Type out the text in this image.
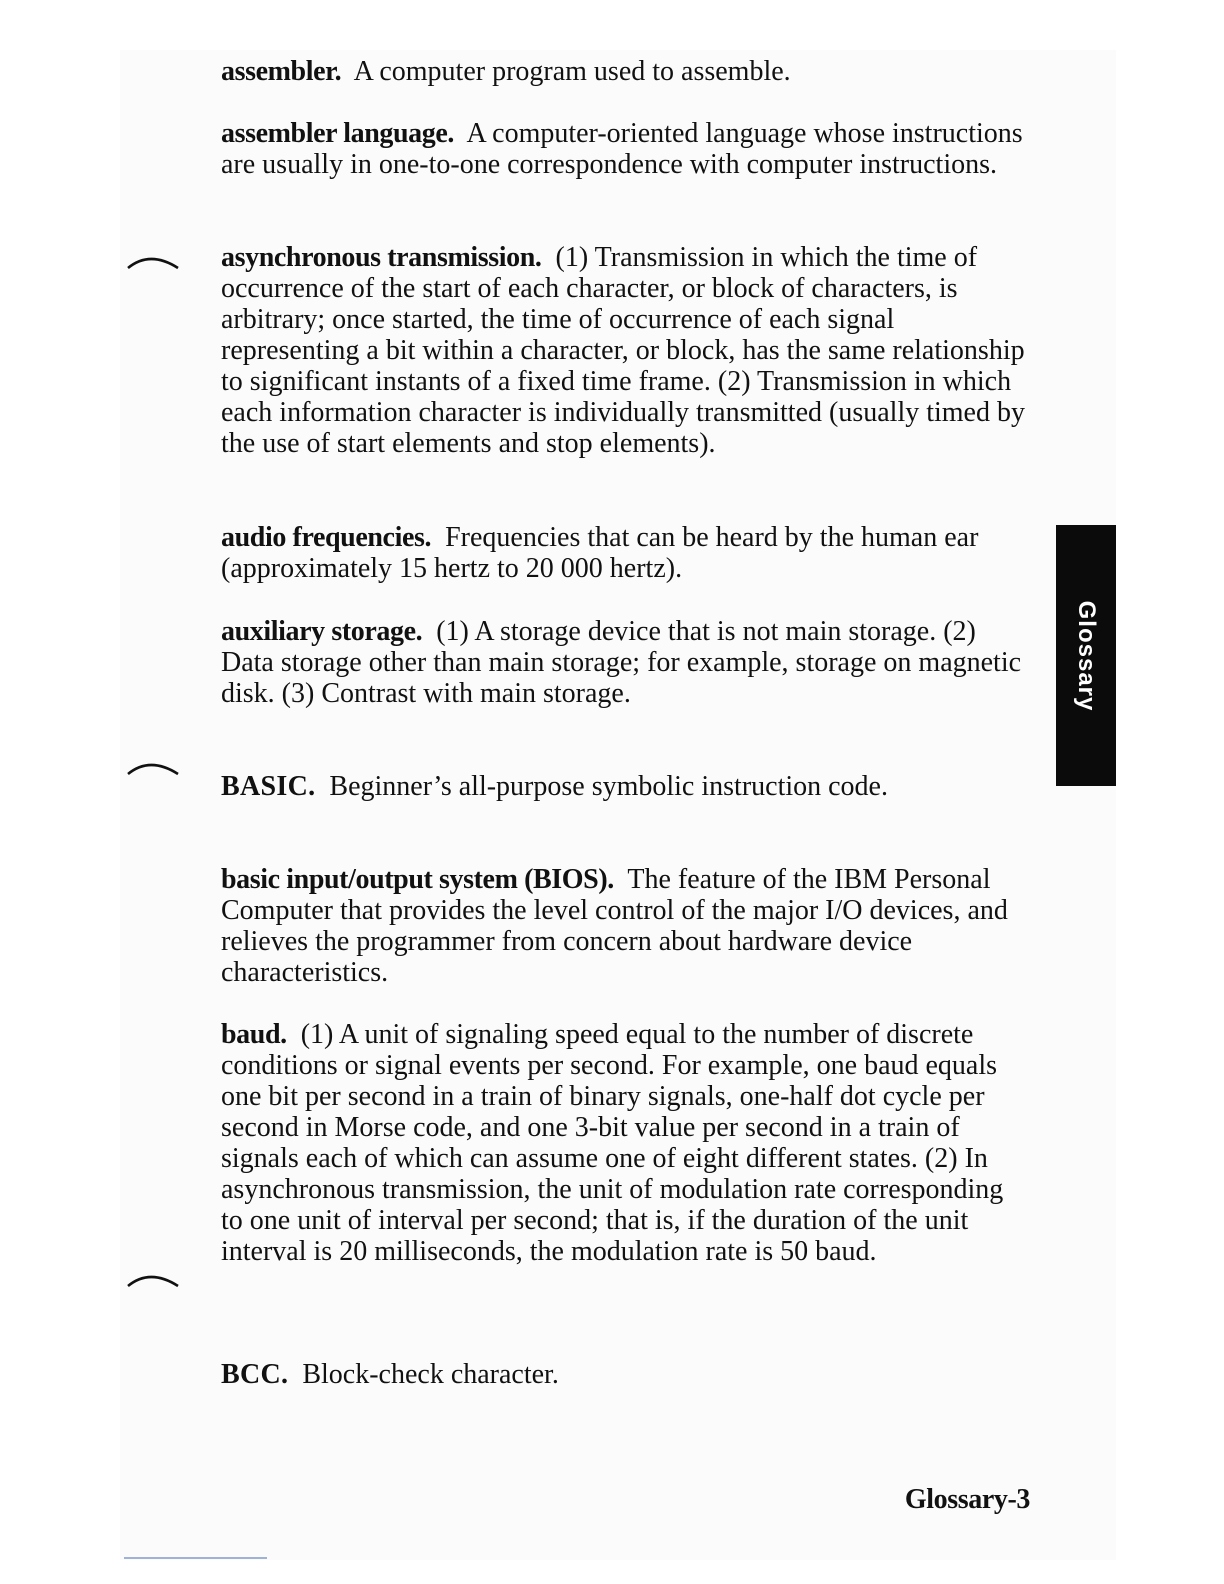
assembler. A computer program used to assemble.

assembler language. A computer-oriented language whose instructions are usually in one-to-one correspondence with computer instructions.

asynchronous transmission. (1) Transmission in which the time of occurrence of the start of each character, or block of characters, is arbitrary; once started, the time of occurrence of each signal representing a bit within a character, or block, has the same relationship to significant instants of a fixed time frame. (2) Transmission in which each information character is individually transmitted (usually timed by the use of start elements and stop elements).

audio frequencies. Frequencies that can be heard by the human ear (approximately 15 hertz to 20 000 hertz).

auxiliary storage. (1) A storage device that is not main storage. (2) Data storage other than main storage; for example, storage on magnetic disk. (3) Contrast with main storage.

BASIC. Beginner’s all-purpose symbolic instruction code.

basic input/output system (BIOS). The feature of the IBM Personal Computer that provides the level control of the major I/O devices, and relieves the programmer from concern about hardware device characteristics.

baud. (1) A unit of signaling speed equal to the number of discrete conditions or signal events per second. For example, one baud equals one bit per second in a train of binary signals, one-half dot cycle per second in Morse code, and one 3-bit value per second in a train of signals each of which can assume one of eight different states. (2) In asynchronous transmission, the unit of modulation rate corresponding to one unit of interval per second; that is, if the duration of the unit interval is 20 milliseconds, the modulation rate is 50 baud.

BCC. Block-check character.

Glossary
Glossary-3
